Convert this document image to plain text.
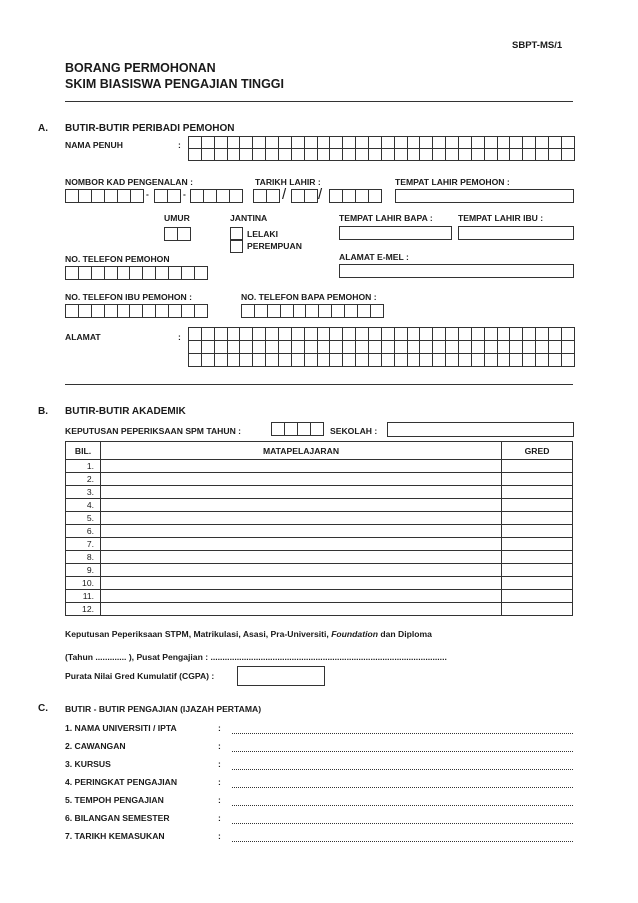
SBPT-MS/1
BORANG PERMOHONAN
SKIM BIASISWA PENGAJIAN TINGGI
A. BUTIR-BUTIR PERIBADI PEMOHON
NAMA PENUH	:
NOMBOR KAD PENGENALAN :
-	-
TARIKH LAHIR :
/ /
TEMPAT LAHIR PEMOHON :
UMUR	JANTINA
LELAKI
PEREMPUAN
TEMPAT LAHIR BAPA :	TEMPAT LAHIR IBU :
NO. TELEFON PEMOHON	ALAMAT E-MEL :
NO. TELEFON IBU PEMOHON :	NO. TELEFON BAPA PEMOHON :
ALAMAT	:
B. BUTIR-BUTIR AKADEMIK
KEPUTUSAN PEPERIKSAAN SPM TAHUN :	SEKOLAH :
BIL.	MATAPELAJARAN	GRED
1.		
2.		
3.		
4.		
5.		
6.		
7.		
8.		
9.		
10.		
11.		
12.		
Keputusan Peperiksaan STPM, Matrikulasi, Asasi, Pra-Universiti, Foundation dan Diploma
(Tahun ............. ), Pusat Pengajian : ...................................................................................................
Purata Nilai Gred Kumulatif (CGPA) :
C. BUTIR - BUTIR PENGAJIAN (IJAZAH PERTAMA)
1. NAMA UNIVERSITI / IPTA	:
2. CAWANGAN	:
3. KURSUS	:
4. PERINGKAT PENGAJIAN	:
5. TEMPOH PENGAJIAN	:
6. BILANGAN SEMESTER	:
7. TARIKH KEMASUKAN	:
